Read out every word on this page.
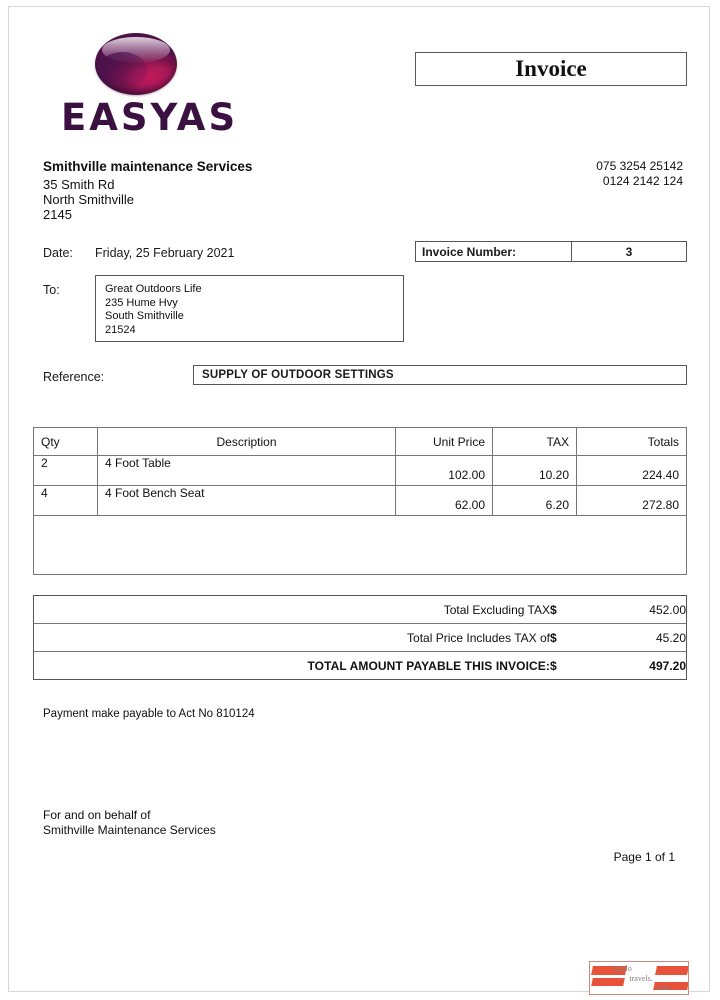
EASYAS
Invoice
Smithville maintenance Services
35 Smith Rd
North Smithville
2145
075 3254 25142
0124 2142 124
Date: Friday, 25 February 2021	Invoice Number:	3
To:	Great Outdoors Life
235 Hume Hvy
South Smithville
21524
Reference:	SUPPLY OF OUTDOOR SETTINGS
Qty	Description	Unit Price	TAX	Totals
2	4 Foot Table	102.00	10.20	224.40
4	4 Foot Bench Seat	62.00	6.20	272.80

Total Excluding TAX	$	452.00
Total Price Includes TAX of	$	45.20
TOTAL AMOUNT PAYABLE THIS INVOICE:	$	497.20
Payment make payable to Act No 810124
For and on behalf of
Smithville Maintenance Services
Page 1 of 1
paulo
travels.
com
